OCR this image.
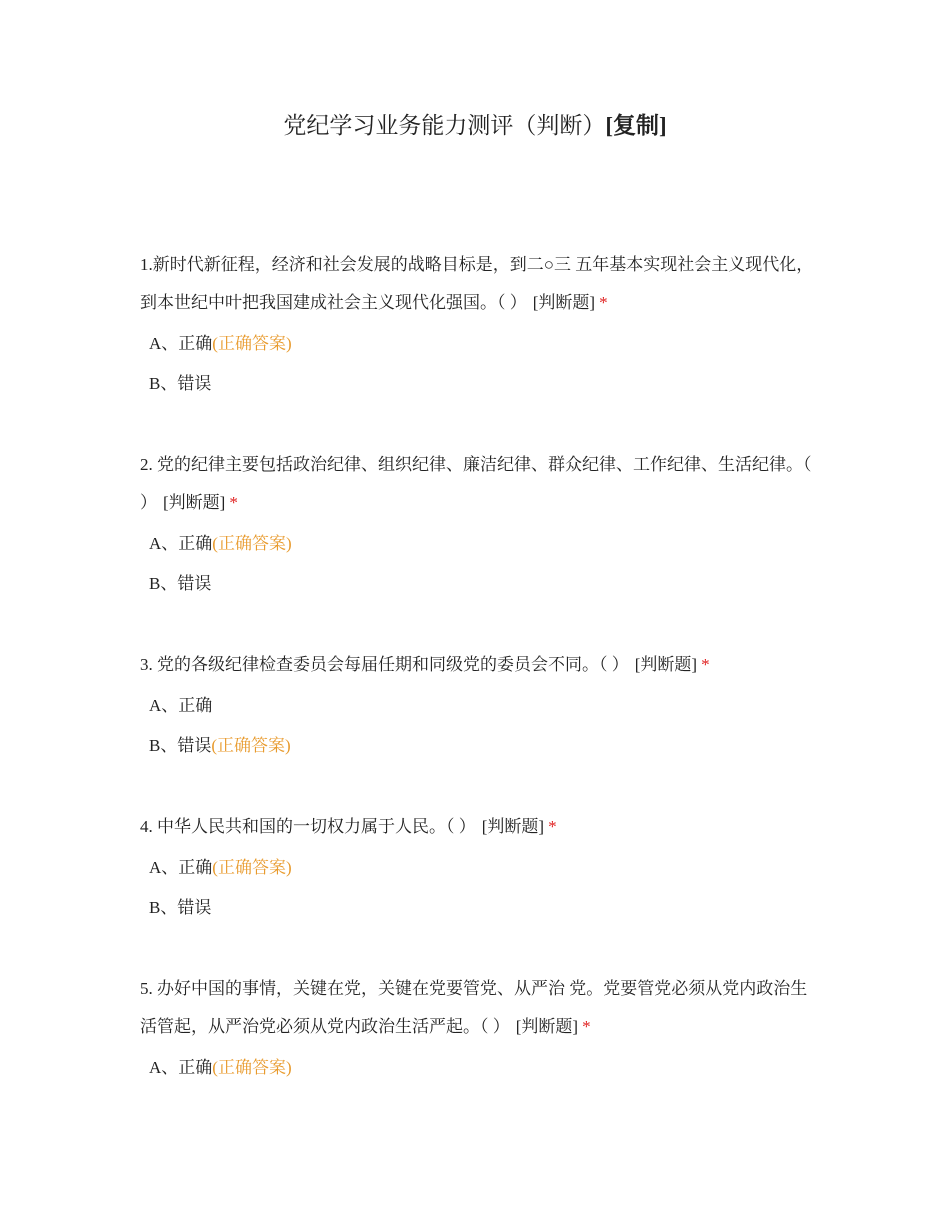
党纪学习业务能力测评（判断）[复制]
1.新时代新征程，经济和社会发展的战略目标是，到二○三 五年基本实现社会主义现代化，到本世纪中叶把我国建成社会主义现代化强国。（ ） [判断题] *
A、正确(正确答案)
B、错误
2. 党的纪律主要包括政治纪律、组织纪律、廉洁纪律、群众纪律、工作纪律、生活纪律。（ ） [判断题] *
A、正确(正确答案)
B、错误
3. 党的各级纪律检查委员会每届任期和同级党的委员会不同。（ ） [判断题] *
A、正确
B、错误(正确答案)
4. 中华人民共和国的一切权力属于人民。（ ） [判断题] *
A、正确(正确答案)
B、错误
5. 办好中国的事情，关键在党，关键在党要管党、从严治 党。党要管党必须从党内政治生活管起，从严治党必须从党内政治生活严起。（ ） [判断题] *
A、正确(正确答案)
